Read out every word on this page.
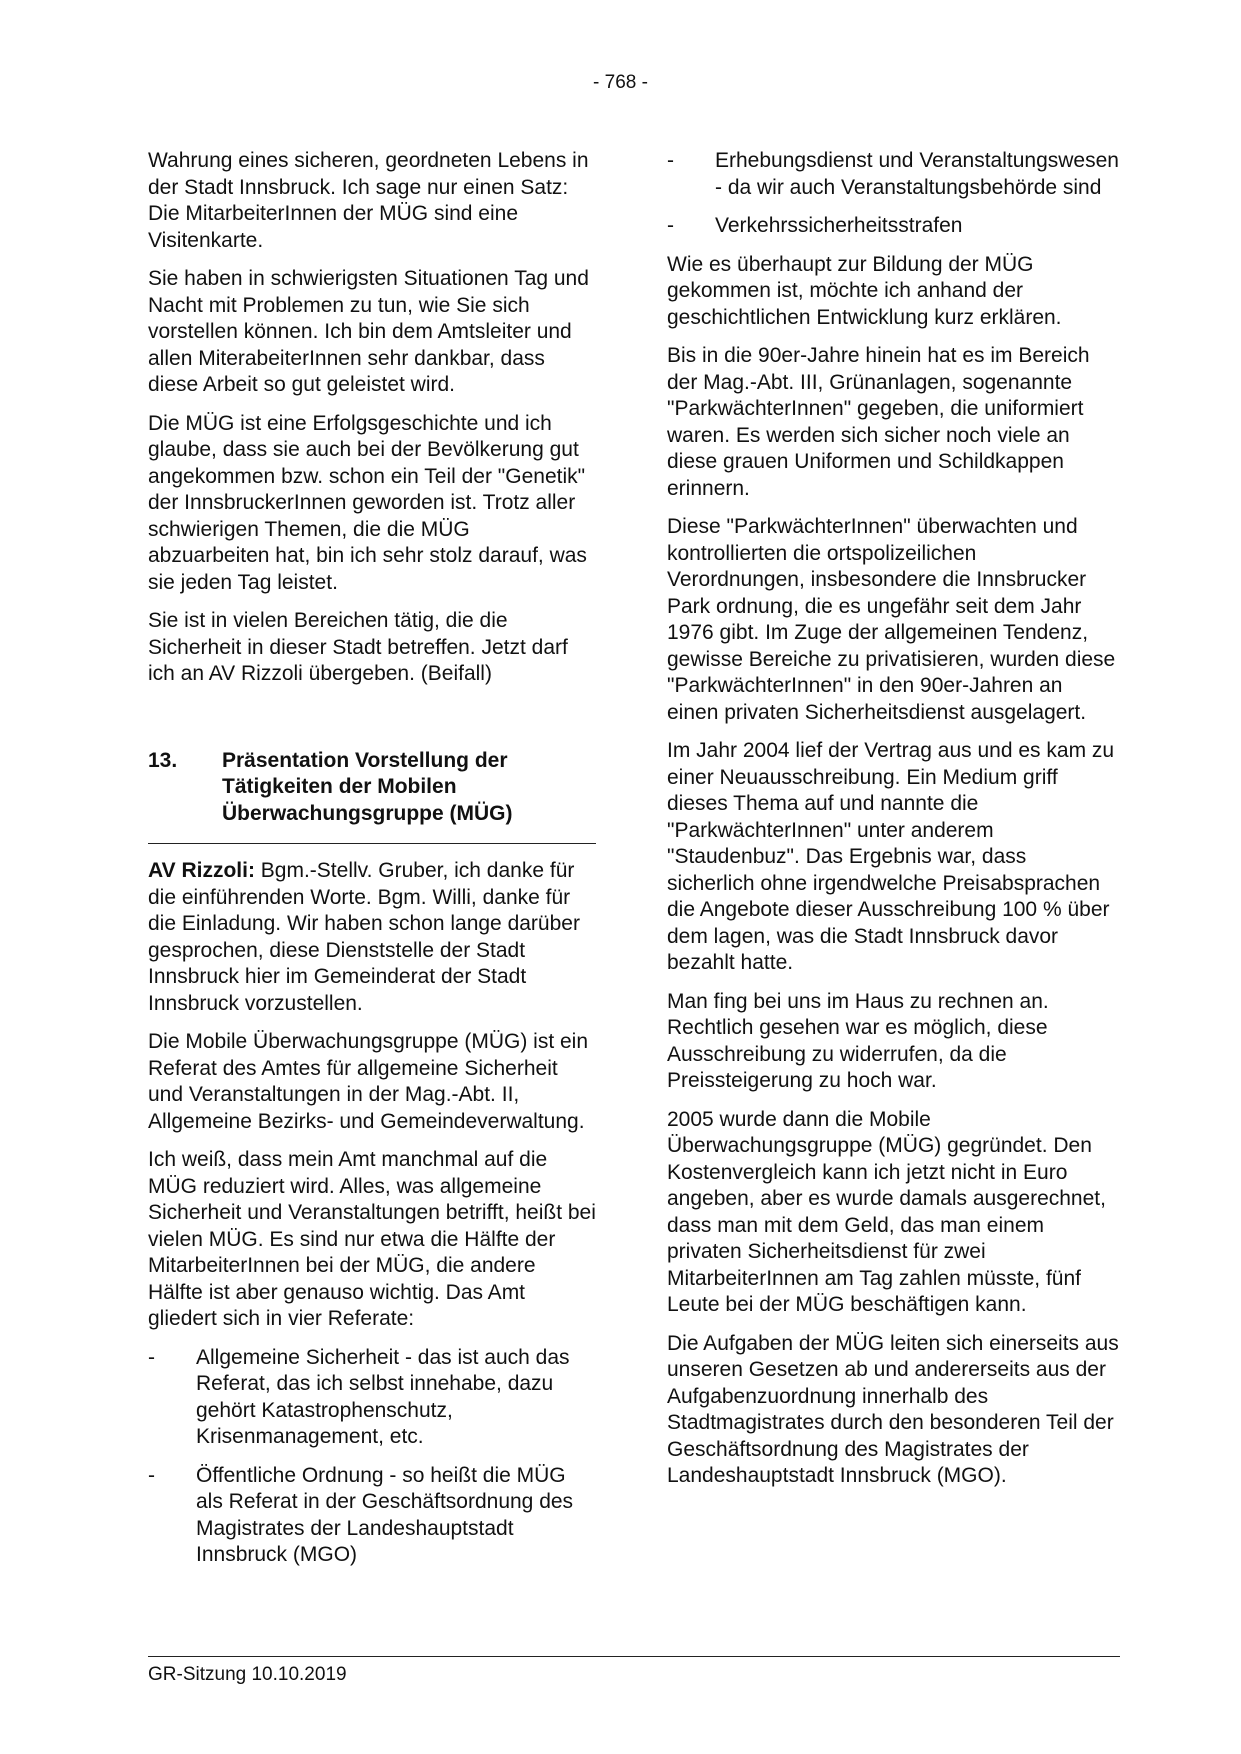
- 768 -

Wahrung eines sicheren, geordneten Lebens in der Stadt Innsbruck. Ich sage nur einen Satz: Die MitarbeiterInnen der MÜG sind eine Visitenkarte.

Sie haben in schwierigsten Situationen Tag und Nacht mit Problemen zu tun, wie Sie sich vorstellen können. Ich bin dem Amtsleiter und allen MiterabeiterInnen sehr dankbar, dass diese Arbeit so gut geleistet wird.

Die MÜG ist eine Erfolgsgeschichte und ich glaube, dass sie auch bei der Bevölkerung gut angekommen bzw. schon ein Teil der "Genetik" der InnsbruckerInnen geworden ist. Trotz aller schwierigen Themen, die die MÜG abzuarbeiten hat, bin ich sehr stolz darauf, was sie jeden Tag leistet.

Sie ist in vielen Bereichen tätig, die die Sicherheit in dieser Stadt betreffen. Jetzt darf ich an AV Rizzoli übergeben. (Beifall)

13. Präsentation Vorstellung der Tätigkeiten der Mobilen Überwachungsgruppe (MÜG)

AV Rizzoli: Bgm.-Stellv. Gruber, ich danke für die einführenden Worte. Bgm. Willi, danke für die Einladung. Wir haben schon lange darüber gesprochen, diese Dienststelle der Stadt Innsbruck hier im Gemeinderat der Stadt Innsbruck vorzustellen.

Die Mobile Überwachungsgruppe (MÜG) ist ein Referat des Amtes für allgemeine Sicherheit und Veranstaltungen in der Mag.-Abt. II, Allgemeine Bezirks- und Gemeindeverwaltung.

Ich weiß, dass mein Amt manchmal auf die MÜG reduziert wird. Alles, was allgemeine Sicherheit und Veranstaltungen betrifft, heißt bei vielen MÜG. Es sind nur etwa die Hälfte der MitarbeiterInnen bei der MÜG, die andere Hälfte ist aber genauso wichtig. Das Amt gliedert sich in vier Referate:

- Allgemeine Sicherheit - das ist auch das Referat, das ich selbst innehabe, dazu gehört Katastrophenschutz, Krisenmanagement, etc.
- Öffentliche Ordnung - so heißt die MÜG als Referat in der Geschäftsordnung des Magistrates der Landeshauptstadt Innsbruck (MGO)
- Erhebungsdienst und Veranstaltungswesen - da wir auch Veranstaltungsbehörde sind
- Verkehrssicherheitsstrafen

Wie es überhaupt zur Bildung der MÜG gekommen ist, möchte ich anhand der geschichtlichen Entwicklung kurz erklären.

Bis in die 90er-Jahre hinein hat es im Bereich der Mag.-Abt. III, Grünanlagen, sogenannte "ParkwächterInnen" gegeben, die uniformiert waren. Es werden sich sicher noch viele an diese grauen Uniformen und Schildkappen erinnern.

Diese "ParkwächterInnen" überwachten und kontrollierten die ortspolizeilichen Verordnungen, insbesondere die Innsbrucker Park ordnung, die es ungefähr seit dem Jahr 1976 gibt. Im Zuge der allgemeinen Tendenz, gewisse Bereiche zu privatisieren, wurden diese "ParkwächterInnen" in den 90er-Jahren an einen privaten Sicherheitsdienst ausgelagert.

Im Jahr 2004 lief der Vertrag aus und es kam zu einer Neuausschreibung. Ein Medium griff dieses Thema auf und nannte die "ParkwächterInnen" unter anderem "Staudenbuz". Das Ergebnis war, dass sicherlich ohne irgendwelche Preisabsprachen die Angebote dieser Ausschreibung 100 % über dem lagen, was die Stadt Innsbruck davor bezahlt hatte.

Man fing bei uns im Haus zu rechnen an. Rechtlich gesehen war es möglich, diese Ausschreibung zu widerrufen, da die Preissteigerung zu hoch war.

2005 wurde dann die Mobile Überwachungsgruppe (MÜG) gegründet. Den Kostenvergleich kann ich jetzt nicht in Euro angeben, aber es wurde damals ausgerechnet, dass man mit dem Geld, das man einem privaten Sicherheitsdienst für zwei MitarbeiterInnen am Tag zahlen müsste, fünf Leute bei der MÜG beschäftigen kann.

Die Aufgaben der MÜG leiten sich einerseits aus unseren Gesetzen ab und andererseits aus der Aufgabenzuordnung innerhalb des Stadtmagistrates durch den besonderen Teil der Geschäftsordnung des Magistrates der Landeshauptstadt Innsbruck (MGO).

GR-Sitzung 10.10.2019
